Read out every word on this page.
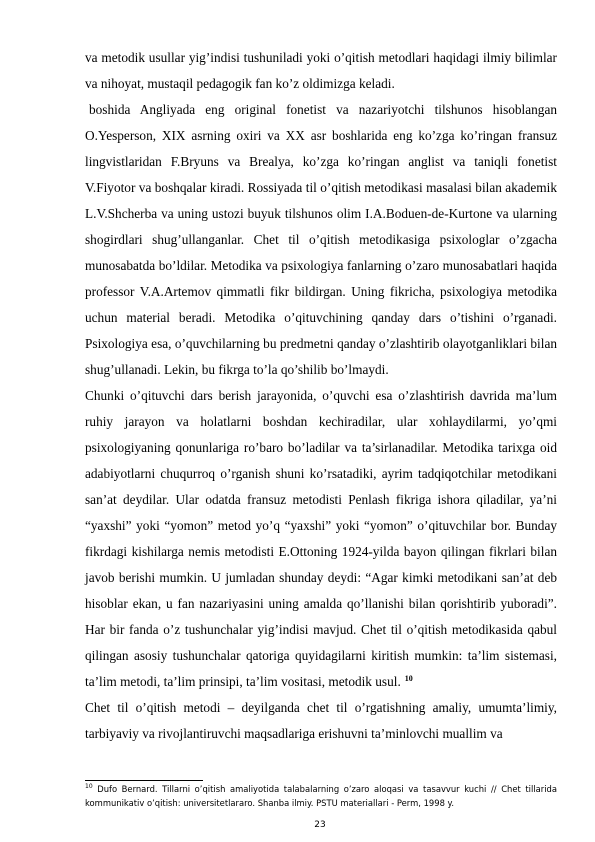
va metodik usullar yig’indisi tushuniladi yoki o’qitish metodlari haqidagi ilmiy bilimlar va nihoyat, mustaqil pedagogik fan ko’z oldimizga keladi.

boshida Angliyada eng original fonetist va nazariyotchi tilshunos hisoblangan O.Yesperson, XIX asrning oxiri va XX asr boshlarida eng ko’zga ko’ringan fransuz lingvistlaridan F.Bryuns va Brealya, ko’zga ko’ringan anglist va taniqli fonetist V.Fiyotor va boshqalar kiradi. Rossiyada til o’qitish metodikasi masalasi bilan akademik L.V.Shcherba va uning ustozi buyuk tilshunos olim I.A.Boduen-de-Kurtone va ularning shogirdlari shug’ullanganlar. Chet til o’qitish metodikasiga psixologlar o’zgacha munosabatda bo’ldilar. Metodika va psixologiya fanlarning o’zaro munosabatlari haqida professor V.A.Artemov qimmatli fikr bildirgan. Uning fikricha, psixologiya metodika uchun material beradi. Metodika o’qituvchining qanday dars o’tishini o’rganadi. Psixologiya esa, o’quvchilarning bu predmetni qanday o’zlashtirib olayotganliklari bilan shug’ullanadi. Lekin, bu fikrga to’la qo’shilib bo’lmaydi.

Chunki o’qituvchi dars berish jarayonida, o’quvchi esa o’zlashtirish davrida ma’lum ruhiy jarayon va holatlarni boshdan kechiradilar, ular xohlaydilarmi, yo’qmi psixologiyaning qonunlariga ro’baro bo’ladilar va ta’sirlanadilar. Metodika tarixga oid adabiyotlarni chuqurroq o’rganish shuni ko’rsatadiki, ayrim tadqiqotchilar metodikani san’at deydilar. Ular odatda fransuz metodisti Penlash fikriga ishora qiladilar, ya’ni “yaxshi” yoki “yomon” metod yo’q “yaxshi” yoki “yomon” o’qituvchilar bor. Bunday fikrdagi kishilarga nemis metodisti E.Ottoning 1924-yilda bayon qilingan fikrlari bilan javob berishi mumkin. U jumladan shunday deydi: “Agar kimki metodikani san’at deb hisoblar ekan, u fan nazariyasini uning amalda qo’llanishi bilan qorishtirib yuboradi”. Har bir fanda o’z tushunchalar yig’indisi mavjud. Chet til o’qitish metodikasida qabul qilingan asosiy tushunchalar qatoriga quyidagilarni kiritish mumkin: ta’lim sistemasi, ta’lim metodi, ta’lim prinsipi, ta’lim vositasi, metodik usul. $^{10}$

Chet til o’qitish metodi – deyilganda chet til o’rgatishning amaliy, umumta’limiy, tarbiyaviy va rivojlantiruvchi maqsadlariga erishuvni ta’minlovchi muallim va

$^{10}$ Dufo Bernard. Tillarni o’qitish amaliyotida talabalarning o’zaro aloqasi va tasavvur kuchi // Chet tillarida kommunikativ o’qitish: universitetlararo. Shanba ilmiy. PSTU materiallari - Perm, 1998 y.
23
